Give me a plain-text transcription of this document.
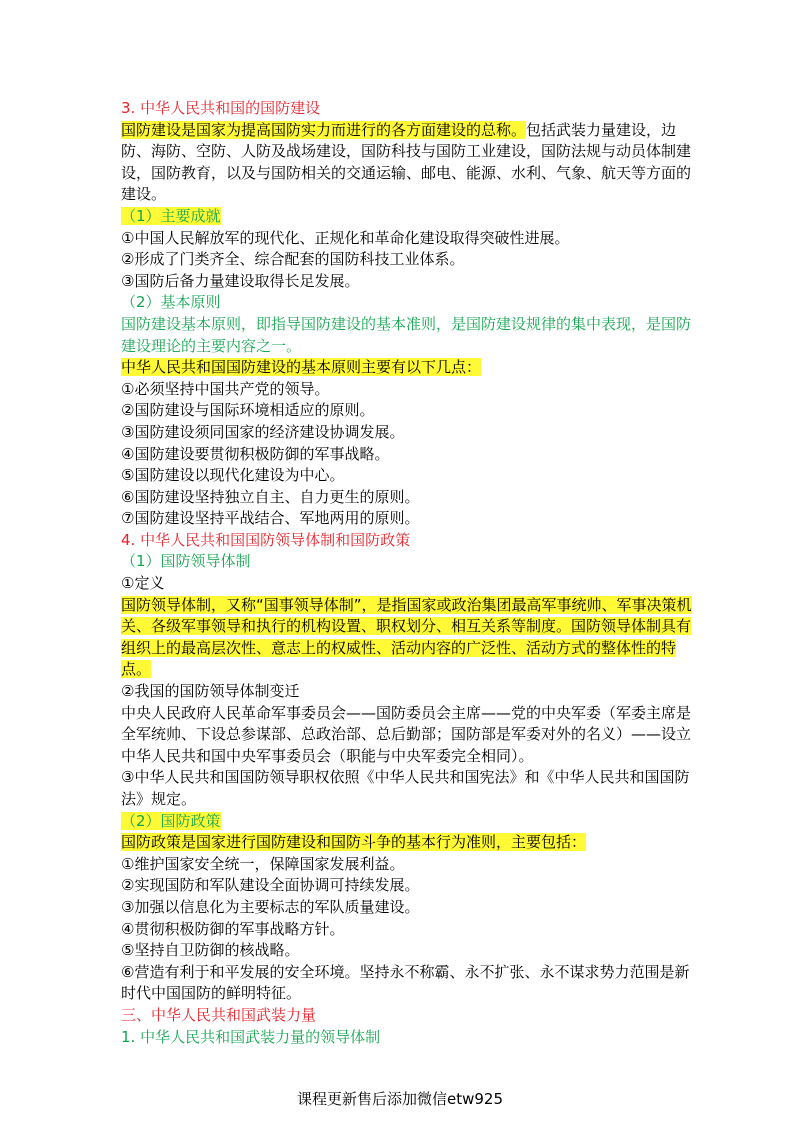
3. 中华人民共和国的国防建设

国防建设是国家为提高国防实力而进行的各方面建设的总称。包括武装力量建设，边防、海防、空防、人防及战场建设，国防科技与国防工业建设，国防法规与动员体制建设，国防教育，以及与国防相关的交通运输、邮电、能源、水利、气象、航天等方面的建设。

（1）主要成就

①中国人民解放军的现代化、正规化和革命化建设取得突破性进展。

②形成了门类齐全、综合配套的国防科技工业体系。

③国防后备力量建设取得长足发展。

（2）基本原则

国防建设基本原则，即指导国防建设的基本准则，是国防建设规律的集中表现，是国防建设理论的主要内容之一。

中华人民共和国国防建设的基本原则主要有以下几点：

①必须坚持中国共产党的领导。

②国防建设与国际环境相适应的原则。

③国防建设须同国家的经济建设协调发展。

④国防建设要贯彻积极防御的军事战略。

⑤国防建设以现代化建设为中心。

⑥国防建设坚持独立自主、自力更生的原则。

⑦国防建设坚持平战结合、军地两用的原则。

4. 中华人民共和国国防领导体制和国防政策

（1）国防领导体制

①定义

国防领导体制，又称“国事领导体制”，是指国家或政治集团最高军事统帅、军事决策机关、各级军事领导和执行的机构设置、职权划分、相互关系等制度。国防领导体制具有组织上的最高层次性、意志上的权威性、活动内容的广泛性、活动方式的整体性的特点。

②我国的国防领导体制变迁

中央人民政府人民革命军事委员会——国防委员会主席——党的中央军委（军委主席是全军统帅、下设总参谋部、总政治部、总后勤部；国防部是军委对外的名义）——设立中华人民共和国中央军事委员会（职能与中央军委完全相同）。

③中华人民共和国国防领导职权依照《中华人民共和国宪法》和《中华人民共和国国防法》规定。

（2）国防政策

国防政策是国家进行国防建设和国防斗争的基本行为准则，主要包括：

①维护国家安全统一，保障国家发展利益。

②实现国防和军队建设全面协调可持续发展。

③加强以信息化为主要标志的军队质量建设。

④贯彻积极防御的军事战略方针。

⑤坚持自卫防御的核战略。

⑥营造有利于和平发展的安全环境。坚持永不称霸、永不扩张、永不谋求势力范围是新时代中国国防的鲜明特征。

三、中华人民共和国武装力量

1. 中华人民共和国武装力量的领导体制

课程更新售后添加微信etw925
